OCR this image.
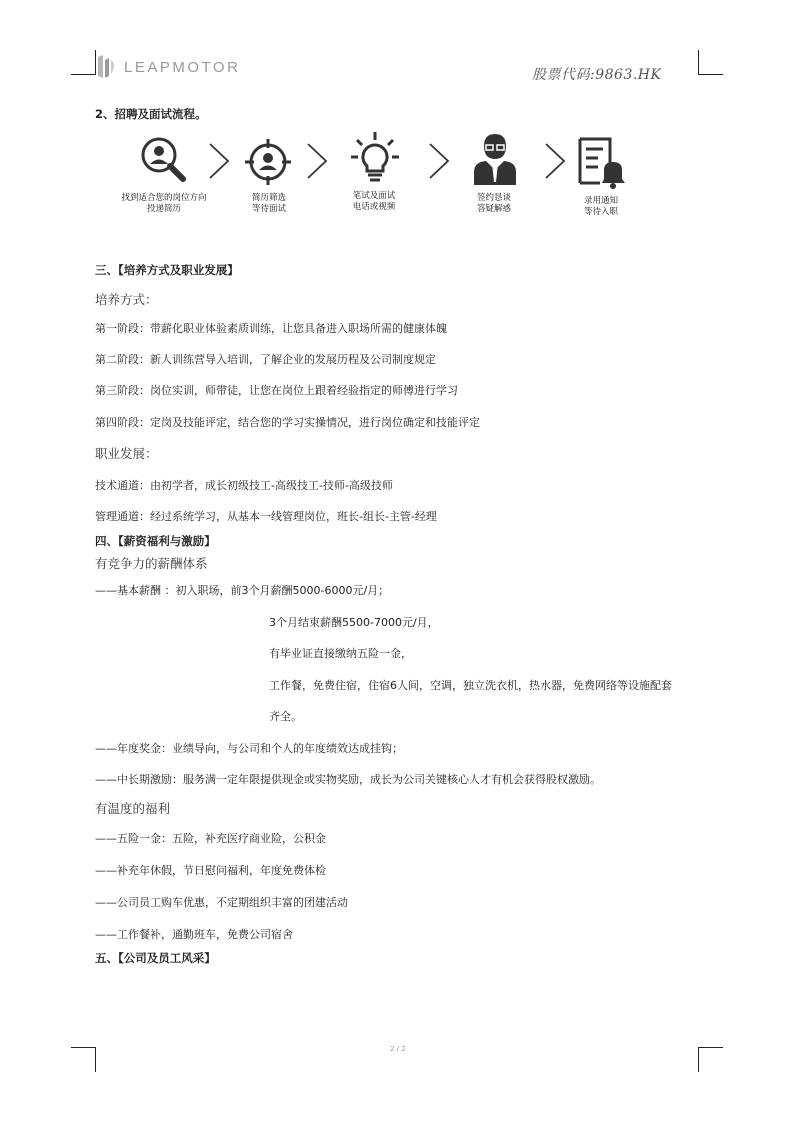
LEAPMOTOR	股票代码:9863.HK
2、招聘及面试流程。
找到适合您的岗位方向
投递简历
简历筛选
等待面试
笔试及面试
电话或视频
签约恳谈
答疑解惑
录用通知
等待入职
三、【培养方式及职业发展】
培养方式：
第一阶段：带薪化职业体验素质训练，让您具备进入职场所需的健康体魄
第二阶段：新人训练营导入培训，了解企业的发展历程及公司制度规定
第三阶段：岗位实训，师带徒，让您在岗位上跟着经验指定的师傅进行学习
第四阶段：定岗及技能评定，结合您的学习实操情况，进行岗位确定和技能评定
职业发展：
技术通道：由初学者，成长初级技工-高级技工-技师-高级技师
管理通道：经过系统学习，从基本一线管理岗位，班长-组长-主管-经理
四、【薪资福利与激励】
有竞争力的薪酬体系
——基本薪酬 ：初入职场，前3个月薪酬5000-6000元/月；
3个月结束薪酬5500-7000元/月，
有毕业证直接缴纳五险一金，
工作餐，免费住宿，住宿6人间，空调，独立洗衣机，热水器，免费网络等设施配套
齐全。
——年度奖金：业绩导向，与公司和个人的年度绩效达成挂钩；
——中长期激励：服务满一定年限提供现金或实物奖励，成长为公司关键核心人才有机会获得股权激励。
有温度的福利
——五险一金：五险，补充医疗商业险，公积金
——补充年休假，节日慰问福利，年度免费体检
——公司员工购车优惠，不定期组织丰富的团建活动
——工作餐补，通勤班车，免费公司宿舍
五、【公司及员工风采】
2 / 2
